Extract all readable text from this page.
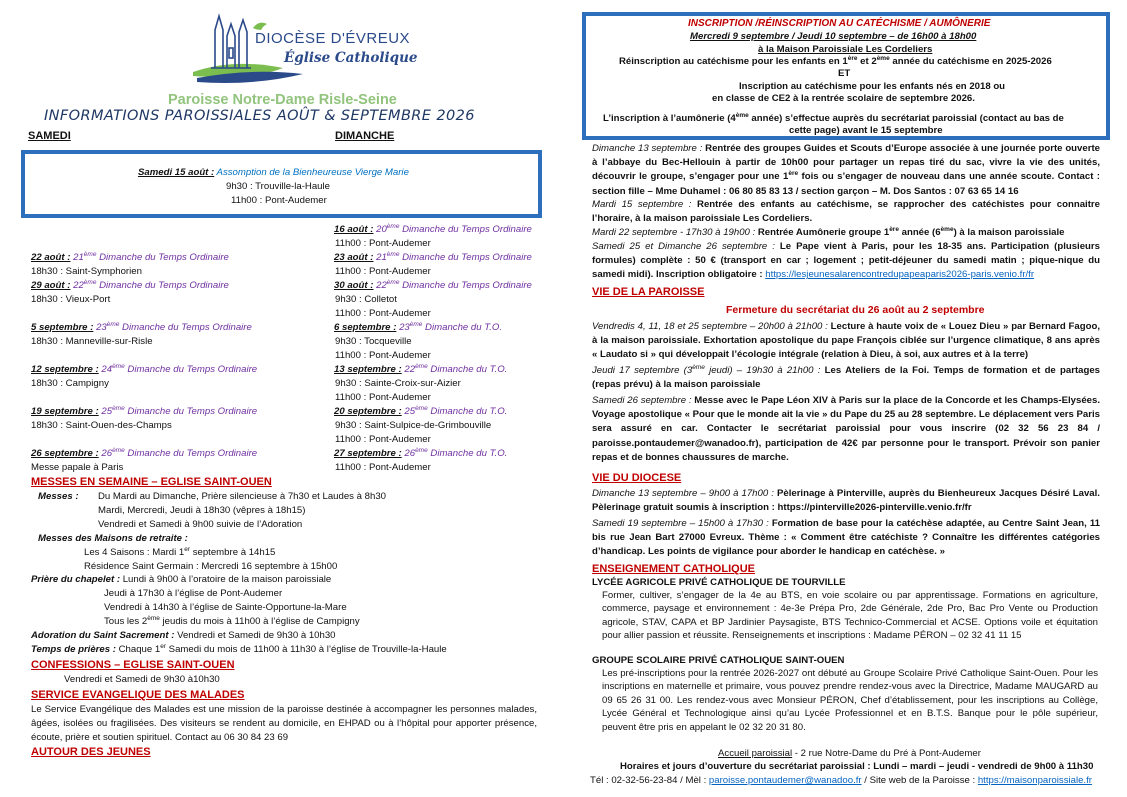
DIOCÈSE D'ÉVREUX
Église Catholique
Paroisse Notre-Dame Risle-Seine
INFORMATIONS PAROISSIALES AOÛT & SEPTEMBRE 2026
SAMEDI	DIMANCHE
Samedi 15 août : Assomption de la Bienheureuse Vierge Marie
9h30 : Trouville-la-Haule
11h00 : Pont-Audemer
16 août : 20ème Dimanche du Temps Ordinaire
11h00 : Pont-Audemer
23 août : 21ème Dimanche du Temps Ordinaire
11h00 : Pont-Audemer
30 août : 22ème Dimanche du Temps Ordinaire
9h30 : Colletot
11h00 : Pont-Audemer
6 septembre : 23ème Dimanche du T.O.
9h30 : Tocqueville
11h00 : Pont-Audemer
13 septembre : 22ème Dimanche du T.O.
9h30 : Sainte-Croix-sur-Aizier
11h00 : Pont-Audemer
20 septembre : 25ème Dimanche du T.O.
9h30 : Saint-Sulpice-de-Grimbouville
11h00 : Pont-Audemer
27 septembre : 26ème Dimanche du T.O.
11h00 : Pont-Audemer
22 août : 21ème Dimanche du Temps Ordinaire
18h30 : Saint-Symphorien
29 août : 22ème Dimanche du Temps Ordinaire
18h30 : Vieux-Port
5 septembre : 23ème Dimanche du Temps Ordinaire
18h30 : Manneville-sur-Risle
12 septembre : 24ème Dimanche du Temps Ordinaire
18h30 : Campigny
19 septembre : 25ème Dimanche du Temps Ordinaire
18h30 : Saint-Ouen-des-Champs
26 septembre : 26ème Dimanche du Temps Ordinaire
Messe papale à Paris
MESSES EN SEMAINE – EGLISE SAINT-OUEN
Messes : Du Mardi au Dimanche, Prière silencieuse à 7h30 et Laudes à 8h30
Mardi, Mercredi, Jeudi à 18h30 (vêpres à 18h15)
Vendredi et Samedi à 9h00 suivie de l’Adoration
Messes des Maisons de retraite :
Les 4 Saisons : Mardi 1er septembre à 14h15
Résidence Saint Germain : Mercredi 16 septembre à 15h00
Prière du chapelet : Lundi à 9h00 à l’oratoire de la maison paroissiale
Jeudi à 17h30 à l’église de Pont-Audemer
Vendredi à 14h30 à l’église de Sainte-Opportune-la-Mare
Tous les 2ème jeudis du mois à 11h00 à l’église de Campigny
Adoration du Saint Sacrement : Vendredi et Samedi de 9h30 à 10h30
Temps de prières : Chaque 1er Samedi du mois de 11h00 à 11h30 à l’église de Trouville-la-Haule
CONFESSIONS – EGLISE SAINT-OUEN
Vendredi et Samedi de 9h30 à10h30
SERVICE EVANGELIQUE DES MALADES
Le Service Evangélique des Malades est une mission de la paroisse destinée à accompagner les personnes malades, âgées, isolées ou fragilisées. Des visiteurs se rendent au domicile, en EHPAD ou à l’hôpital pour apporter présence, écoute, prière et soutien spirituel. Contact au 06 30 84 23 69
AUTOUR DES JEUNES
INSCRIPTION /RÉINSCRIPTION AU CATÉCHISME / AUMÔNERIE
Mercredi 9 septembre / Jeudi 10 septembre – de 16h00 à 18h00
à la Maison Paroissiale Les Cordeliers
Réinscription au catéchisme pour les enfants en 1ère et 2ème année du catéchisme en 2025-2026
ET
Inscription au catéchisme pour les enfants nés en 2018 ou
en classe de CE2 à la rentrée scolaire de septembre 2026.
L’inscription à l’aumônerie (4ème année) s’effectue auprès du secrétariat paroissial (contact au bas de
cette page) avant le 15 septembre
Dimanche 13 septembre : Rentrée des groupes Guides et Scouts d’Europe associée à une journée porte ouverte à l’abbaye du Bec-Hellouin à partir de 10h00 pour partager un repas tiré du sac, vivre la vie des unités, découvrir le groupe, s’engager pour une 1ère fois ou s’engager de nouveau dans une année scoute. Contact : section fille – Mme Duhamel : 06 80 85 83 13 / section garçon – M. Dos Santos : 07 63 65 14 16
Mardi 15 septembre : Rentrée des enfants au catéchisme, se rapprocher des catéchistes pour connaitre l’horaire, à la maison paroissiale Les Cordeliers.
Mardi 22 septembre - 17h30 à 19h00 : Rentrée Aumônerie groupe 1ère année (6ème) à la maison paroissiale
Samedi 25 et Dimanche 26 septembre : Le Pape vient à Paris, pour les 18-35 ans. Participation (plusieurs formules) complète : 50 € (transport en car ; logement ; petit-déjeuner du samedi matin ; pique-nique du samedi midi). Inscription obligatoire : https://lesjeunesalarencontredupapeaparis2026-paris.venio.fr/fr
VIE DE LA PAROISSE
Fermeture du secrétariat du 26 août au 2 septembre
Vendredis 4, 11, 18 et 25 septembre – 20h00 à 21h00 : Lecture à haute voix de « Louez Dieu » par Bernard Fagoo, à la maison paroissiale. Exhortation apostolique du pape François ciblée sur l’urgence climatique, 8 ans après « Laudato si » qui développait l’écologie intégrale (relation à Dieu, à soi, aux autres et à la terre)
Jeudi 17 septembre (3ème jeudi) – 19h30 à 21h00 : Les Ateliers de la Foi. Temps de formation et de partages (repas prévu) à la maison paroissiale
Samedi 26 septembre : Messe avec le Pape Léon XIV à Paris sur la place de la Concorde et les Champs-Elysées. Voyage apostolique « Pour que le monde ait la vie » du Pape du 25 au 28 septembre. Le déplacement vers Paris sera assuré en car. Contacter le secrétariat paroissial pour vous inscrire (02 32 56 23 84 / paroisse.pontaudemer@wanadoo.fr), participation de 42€ par personne pour le transport. Prévoir son panier repas et de bonnes chaussures de marche.
VIE DU DIOCESE
Dimanche 13 septembre – 9h00 à 17h00 : Pèlerinage à Pinterville, auprès du Bienheureux Jacques Désiré Laval. Pèlerinage gratuit soumis à inscription : https://pinterville2026-pinterville.venio.fr/fr
Samedi 19 septembre – 15h00 à 17h30 : Formation de base pour la catéchèse adaptée, au Centre Saint Jean, 11 bis rue Jean Bart 27000 Evreux. Thème : « Comment être catéchiste ? Connaître les différentes catégories d’handicap. Les points de vigilance pour aborder le handicap en catéchèse. »
ENSEIGNEMENT CATHOLIQUE
LYCÉE AGRICOLE PRIVÉ CATHOLIQUE DE TOURVILLE
Former, cultiver, s’engager de la 4e au BTS, en voie scolaire ou par apprentissage. Formations en agriculture, commerce, paysage et environnement : 4e-3e Prépa Pro, 2de Générale, 2de Pro, Bac Pro Vente ou Production agricole, STAV, CAPA et BP Jardinier Paysagiste, BTS Technico-Commercial et ACSE. Options voile et équitation pour allier passion et réussite. Renseignements et inscriptions : Madame PÉRON – 02 32 41 11 15
GROUPE SCOLAIRE PRIVÉ CATHOLIQUE SAINT-OUEN
Les pré-inscriptions pour la rentrée 2026-2027 ont débuté au Groupe Scolaire Privé Catholique Saint-Ouen. Pour les inscriptions en maternelle et primaire, vous pouvez prendre rendez-vous avec la Directrice, Madame MAUGARD au 09 65 26 31 00. Les rendez-vous avec Monsieur PÉRON, Chef d’établissement, pour les inscriptions au Collège, Lycée Général et Technologique ainsi qu’au Lycée Professionnel et en B.T.S. Banque pour le pôle supérieur, peuvent être pris en appelant le 02 32 20 31 80.
Accueil paroissial - 2 rue Notre-Dame du Pré à Pont-Audemer
Horaires et jours d’ouverture du secrétariat paroissial : Lundi – mardi – jeudi - vendredi de 9h00 à 11h30
Tél : 02-32-56-23-84 / Mèl : paroisse.pontaudemer@wanadoo.fr / Site web de la Paroisse : https://maisonparoissiale.fr
